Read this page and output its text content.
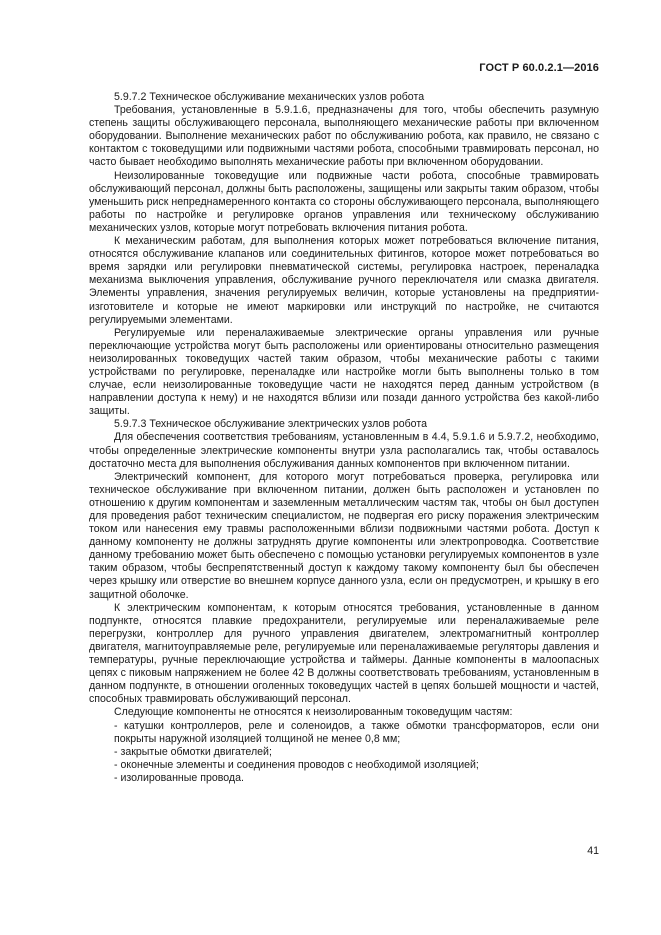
ГОСТ Р 60.0.2.1—2016

5.9.7.2 Техническое обслуживание механических узлов робота

Требования, установленные в 5.9.1.6, предназначены для того, чтобы обеспечить разумную степень защиты обслуживающего персонала, выполняющего механические работы при включенном оборудовании. Выполнение механических работ по обслуживанию робота, как правило, не связано с контактом с токоведущими или подвижными частями робота, способными травмировать персонал, но часто бывает необходимо выполнять механические работы при включенном оборудовании.

Неизолированные токоведущие или подвижные части робота, способные травмировать обслуживающий персонал, должны быть расположены, защищены или закрыты таким образом, чтобы уменьшить риск непреднамеренного контакта со стороны обслуживающего персонала, выполняющего работы по настройке и регулировке органов управления или техническому обслуживанию механических узлов, которые могут потребовать включения питания робота.

К механическим работам, для выполнения которых может потребоваться включение питания, относятся обслуживание клапанов или соединительных фитингов, которое может потребоваться во время зарядки или регулировки пневматической системы, регулировка настроек, переналадка механизма выключения управления, обслуживание ручного переключателя или смазка двигателя. Элементы управления, значения регулируемых величин, которые установлены на предприятии-изготовителе и которые не имеют маркировки или инструкций по настройке, не считаются регулируемыми элементами.

Регулируемые или переналаживаемые электрические органы управления или ручные переключающие устройства могут быть расположены или ориентированы относительно размещения неизолированных токоведущих частей таким образом, чтобы механические работы с такими устройствами по регулировке, переналадке или настройке могли быть выполнены только в том случае, если неизолированные токоведущие части не находятся перед данным устройством (в направлении доступа к нему) и не находятся вблизи или позади данного устройства без какой-либо защиты.

5.9.7.3 Техническое обслуживание электрических узлов робота

Для обеспечения соответствия требованиям, установленным в 4.4, 5.9.1.6 и 5.9.7.2, необходимо, чтобы определенные электрические компоненты внутри узла располагались так, чтобы оставалось достаточно места для выполнения обслуживания данных компонентов при включенном питании.

Электрический компонент, для которого могут потребоваться проверка, регулировка или техническое обслуживание при включенном питании, должен быть расположен и установлен по отношению к другим компонентам и заземленным металлическим частям так, чтобы он был доступен для проведения работ техническим специалистом, не подвергая его риску поражения электрическим током или нанесения ему травмы расположенными вблизи подвижными частями робота. Доступ к данному компоненту не должны затруднять другие компоненты или электропроводка. Соответствие данному требованию может быть обеспечено с помощью установки регулируемых компонентов в узле таким образом, чтобы беспрепятственный доступ к каждому такому компоненту был бы обеспечен через крышку или отверстие во внешнем корпусе данного узла, если он предусмотрен, и крышку в его защитной оболочке.

К электрическим компонентам, к которым относятся требования, установленные в данном подпункте, относятся плавкие предохранители, регулируемые или переналаживаемые реле перегрузки, контроллер для ручного управления двигателем, электромагнитный контроллер двигателя, магнитоуправляемые реле, регулируемые или переналаживаемые регуляторы давления и температуры, ручные переключающие устройства и таймеры. Данные компоненты в малоопасных цепях с пиковым напряжением не более 42 В должны соответствовать требованиям, установленным в данном подпункте, в отношении оголенных токоведущих частей в цепях большей мощности и частей, способных травмировать обслуживающий персонал.

Следующие компоненты не относятся к неизолированным токоведущим частям:

- катушки контроллеров, реле и соленоидов, а также обмотки трансформаторов, если они покрыты наружной изоляцией толщиной не менее 0,8 мм;
- закрытые обмотки двигателей;
- оконечные элементы и соединения проводов с необходимой изоляцией;
- изолированные провода.
41
